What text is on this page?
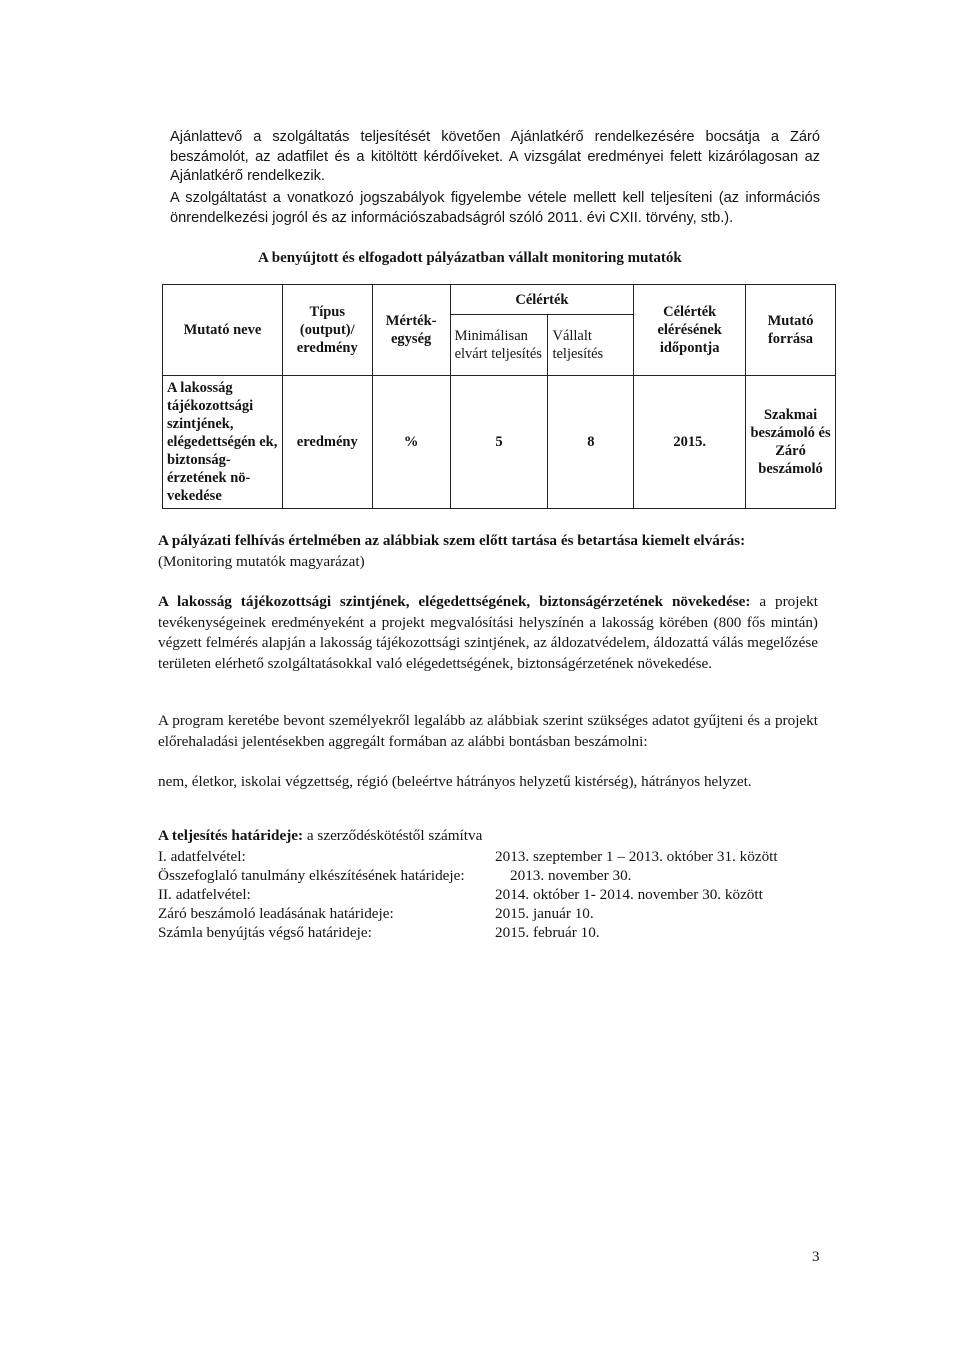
Ajánlattevő a szolgáltatás teljesítését követően Ajánlatkérő rendelkezésére bocsátja a Záró beszámolót, az adatfilet és a kitöltött kérdőíveket. A vizsgálat eredményei felett kizárólagosan az Ajánlatkérő rendelkezik.

A szolgáltatást a vonatkozó jogszabályok figyelembe vétele mellett kell teljesíteni (az információs önrendelkezési jogról és az információszabadságról szóló 2011. évi CXII. törvény, stb.).

A benyújtott és elfogadott pályázatban vállalt monitoring mutatók
Mutató neve	Típus (output)/ eredmény	Mérték-egység	Célérték		Célérték elérésének időpontja	Mutató forrása
			Minimálisan elvárt teljesítés	Vállalt teljesítés		
A lakosság tájékozottsági szintjének, elégedettségén ek, biztonság-érzetének nö-vekedése	eredmény	%	5	8	2015.	Szakmai beszámoló és Záró beszámoló

A pályázati felhívás értelmében az alábbiak szem előtt tartása és betartása kiemelt elvárás:
(Monitoring mutatók magyarázat)

A lakosság tájékozottsági szintjének, elégedettségének, biztonságérzetének növekedése: a projekt tevékenységeinek eredményeként a projekt megvalósítási helyszínén a lakosság körében (800 fős mintán) végzett felmérés alapján a lakosság tájékozottsági szintjének, az áldozatvédelem, áldozattá válás megelőzése területen elérhető szolgáltatásokkal való elégedettségének, biztonságérzetének növekedése.

A program keretébe bevont személyekről legalább az alábbiak szerint szükséges adatot gyűjteni és a projekt előrehaladási jelentésekben aggregált formában az alábbi bontásban beszámolni:

nem, életkor, iskolai végzettség, régió (beleértve hátrányos helyzetű kistérség), hátrányos helyzet.

A teljesítés határideje: a szerződéskötéstől számítva

I. adatfelvétel:	2013. szeptember 1 – 2013. október 31. között
Összefoglaló tanulmány elkészítésének határideje:	2013. november 30.
II. adatfelvétel:	2014. október 1- 2014. november 30. között
Záró beszámoló leadásának határideje:	2015. január 10.
Számla benyújtás végső határideje:	2015. február 10.
3
